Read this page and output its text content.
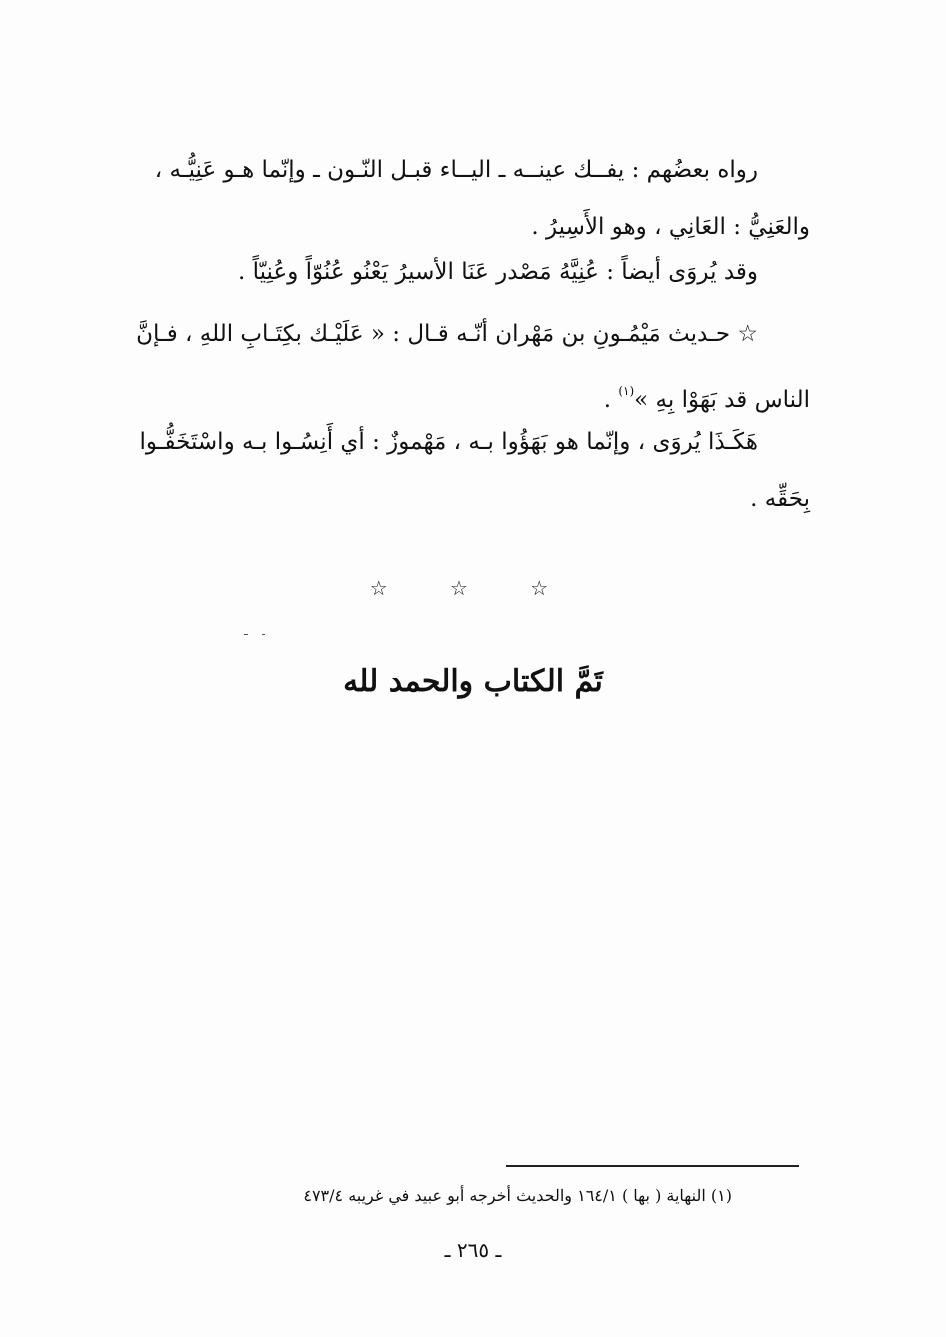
رواه بعضُهم : يفــك عينــه ـ اليــاء قبـل النّـون ـ وإنّما هـو عَنِيُّـه ،
والعَنِيُّ : العَانِي ، وهو الأَسِيرُ .
وقد يُروَى أيضاً : عُنِيَّهُ مَصْدر عَنَا الأسيرُ يَعْنُو عُنُوّاً وعُنِيّاً .
☆ حـديث مَيْمُـونِ بن مَهْران أنّـه قـال : « عَلَيْـك بكِتَـابِ اللهِ ، فـإنَّ
الناس قد بَهَوْا بِهِ »$^{(١)}$ .
هَكَـذَا يُروَى ، وإنّما هو بَهَؤُوا بـه ، مَهْموزٌ : أي أَنِسُـوا بـه واسْتَخَفُّـوا
بِحَقِّه .
☆ ☆ ☆
تَمَّ الكتاب والحمد لله
(١) النهاية ( بها ) ١٦٤/١ والحديث أخرجه أبو عبيد في غريبه ٤٧٣/٤
ـ ٢٦٥ ـ
